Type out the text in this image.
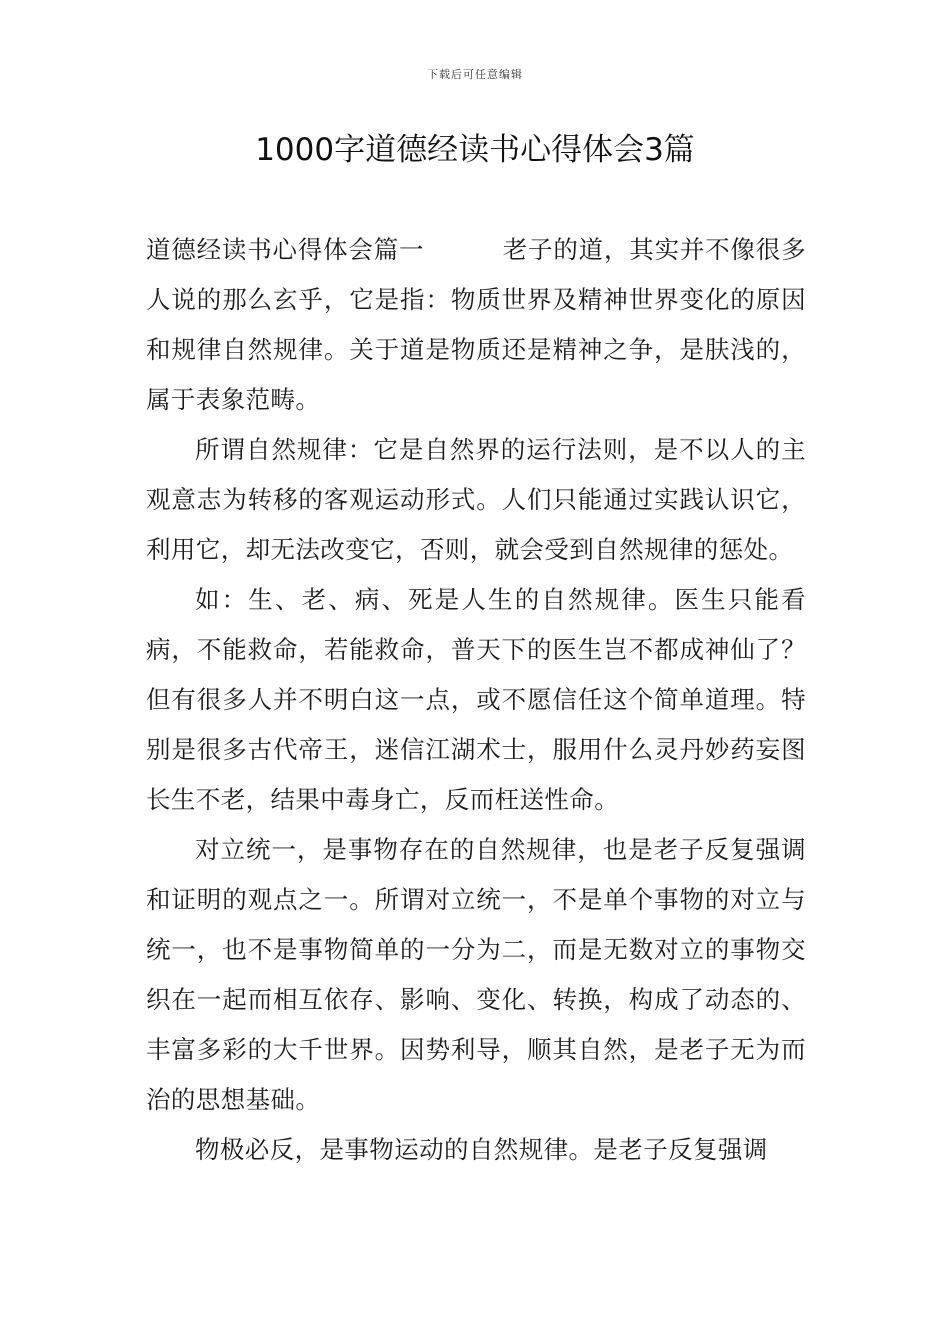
下载后可任意编辑
1000字道德经读书心得体会3篇

道德经读书心得体会篇一	老子的道，其实并不像很多人说的那么玄乎，它是指：物质世界及精神世界变化的原因和规律自然规律。关于道是物质还是精神之争，是肤浅的，属于表象范畴。

所谓自然规律：它是自然界的运行法则，是不以人的主观意志为转移的客观运动形式。人们只能通过实践认识它，利用它，却无法改变它，否则，就会受到自然规律的惩处。

如：生、老、病、死是人生的自然规律。医生只能看病，不能救命，若能救命，普天下的医生岂不都成神仙了？但有很多人并不明白这一点，或不愿信任这个简单道理。特别是很多古代帝王，迷信江湖术士，服用什么灵丹妙药妄图长生不老，结果中毒身亡，反而枉送性命。

对立统一，是事物存在的自然规律，也是老子反复强调和证明的观点之一。所谓对立统一，不是单个事物的对立与统一，也不是事物简单的一分为二，而是无数对立的事物交织在一起而相互依存、影响、变化、转换，构成了动态的、丰富多彩的大千世界。因势利导，顺其自然，是老子无为而治的思想基础。

物极必反，是事物运动的自然规律。是老子反复强调
